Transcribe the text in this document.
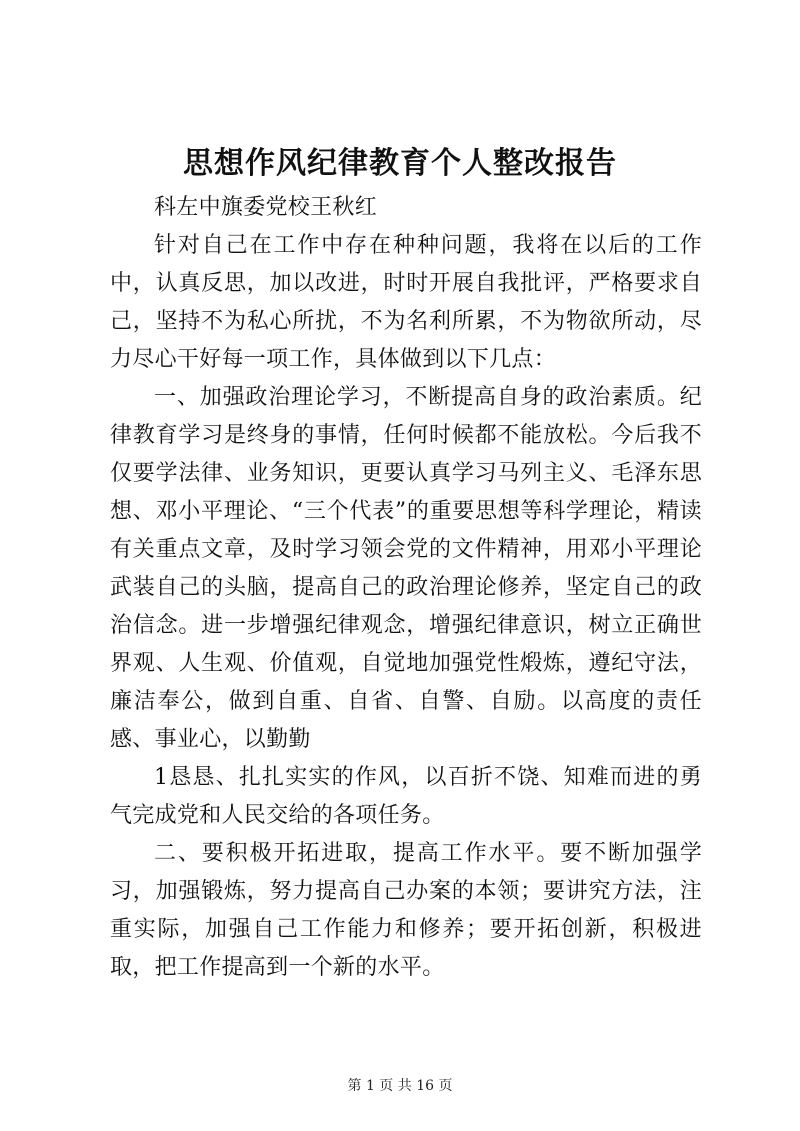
思想作风纪律教育个人整改报告

科左中旗委党校王秋红

针对自己在工作中存在种种问题，我将在以后的工作中，认真反思，加以改进，时时开展自我批评，严格要求自己，坚持不为私心所扰，不为名利所累，不为物欲所动，尽力尽心干好每一项工作，具体做到以下几点：

一、加强政治理论学习，不断提高自身的政治素质。纪律教育学习是终身的事情，任何时候都不能放松。今后我不仅要学法律、业务知识，更要认真学习马列主义、毛泽东思想、邓小平理论、“三个代表”的重要思想等科学理论，精读有关重点文章，及时学习领会党的文件精神，用邓小平理论武装自己的头脑，提高自己的政治理论修养，坚定自己的政治信念。进一步增强纪律观念，增强纪律意识，树立正确世界观、人生观、价值观，自觉地加强党性煅炼，遵纪守法，廉洁奉公，做到自重、自省、自警、自励。以高度的责任感、事业心，以勤勤

1恳恳、扎扎实实的作风，以百折不饶、知难而进的勇气完成党和人民交给的各项任务。

二、要积极开拓进取，提高工作水平。要不断加强学习，加强锻炼，努力提高自己办案的本领；要讲究方法，注重实际，加强自己工作能力和修养；要开拓创新，积极进取，把工作提高到一个新的水平。

第 1 页 共 16 页
